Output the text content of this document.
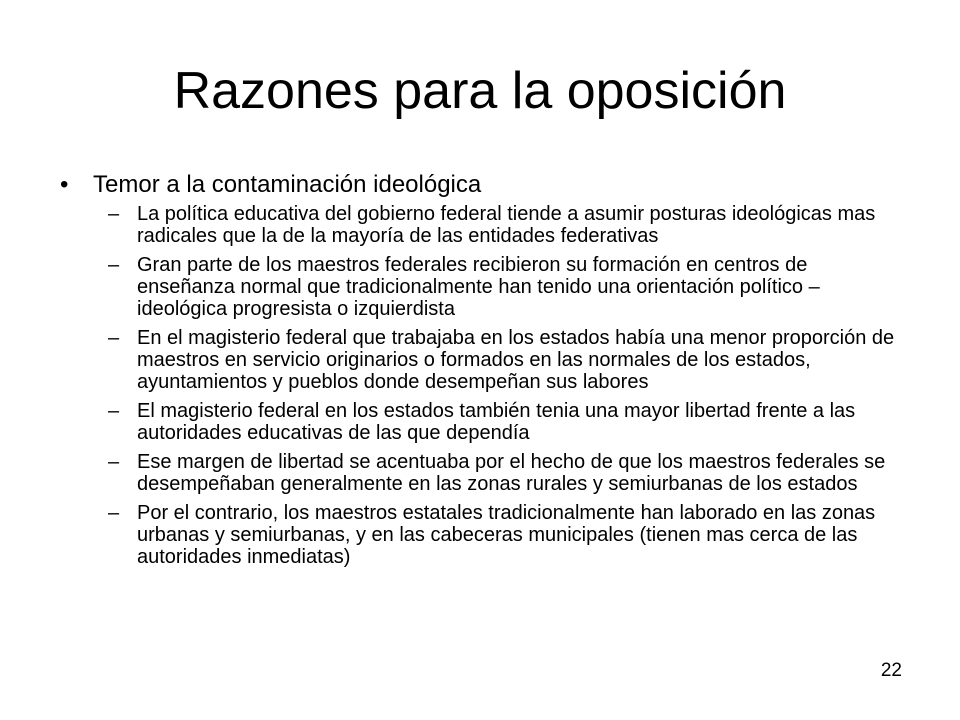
Razones para la oposición
• Temor a la contaminación ideológica
– La política educativa del gobierno federal tiende a asumir posturas ideológicas mas radicales que la de la mayoría de las entidades federativas
– Gran parte de los maestros federales recibieron su formación en centros de enseñanza normal que tradicionalmente han tenido una orientación político – ideológica progresista o izquierdista
– En el magisterio federal que trabajaba en los estados había una menor proporción de maestros en servicio originarios o formados en las normales de los estados, ayuntamientos y pueblos donde desempeñan sus labores
– El magisterio federal en los estados también tenia una mayor libertad frente a las autoridades educativas de las que dependía
– Ese margen de libertad se acentuaba por el hecho de que los maestros federales se desempeñaban generalmente en las zonas rurales y semiurbanas de los estados
– Por el contrario, los maestros estatales tradicionalmente han laborado en las zonas urbanas y semiurbanas, y en las cabeceras municipales (tienen mas cerca de las autoridades inmediatas)
22
